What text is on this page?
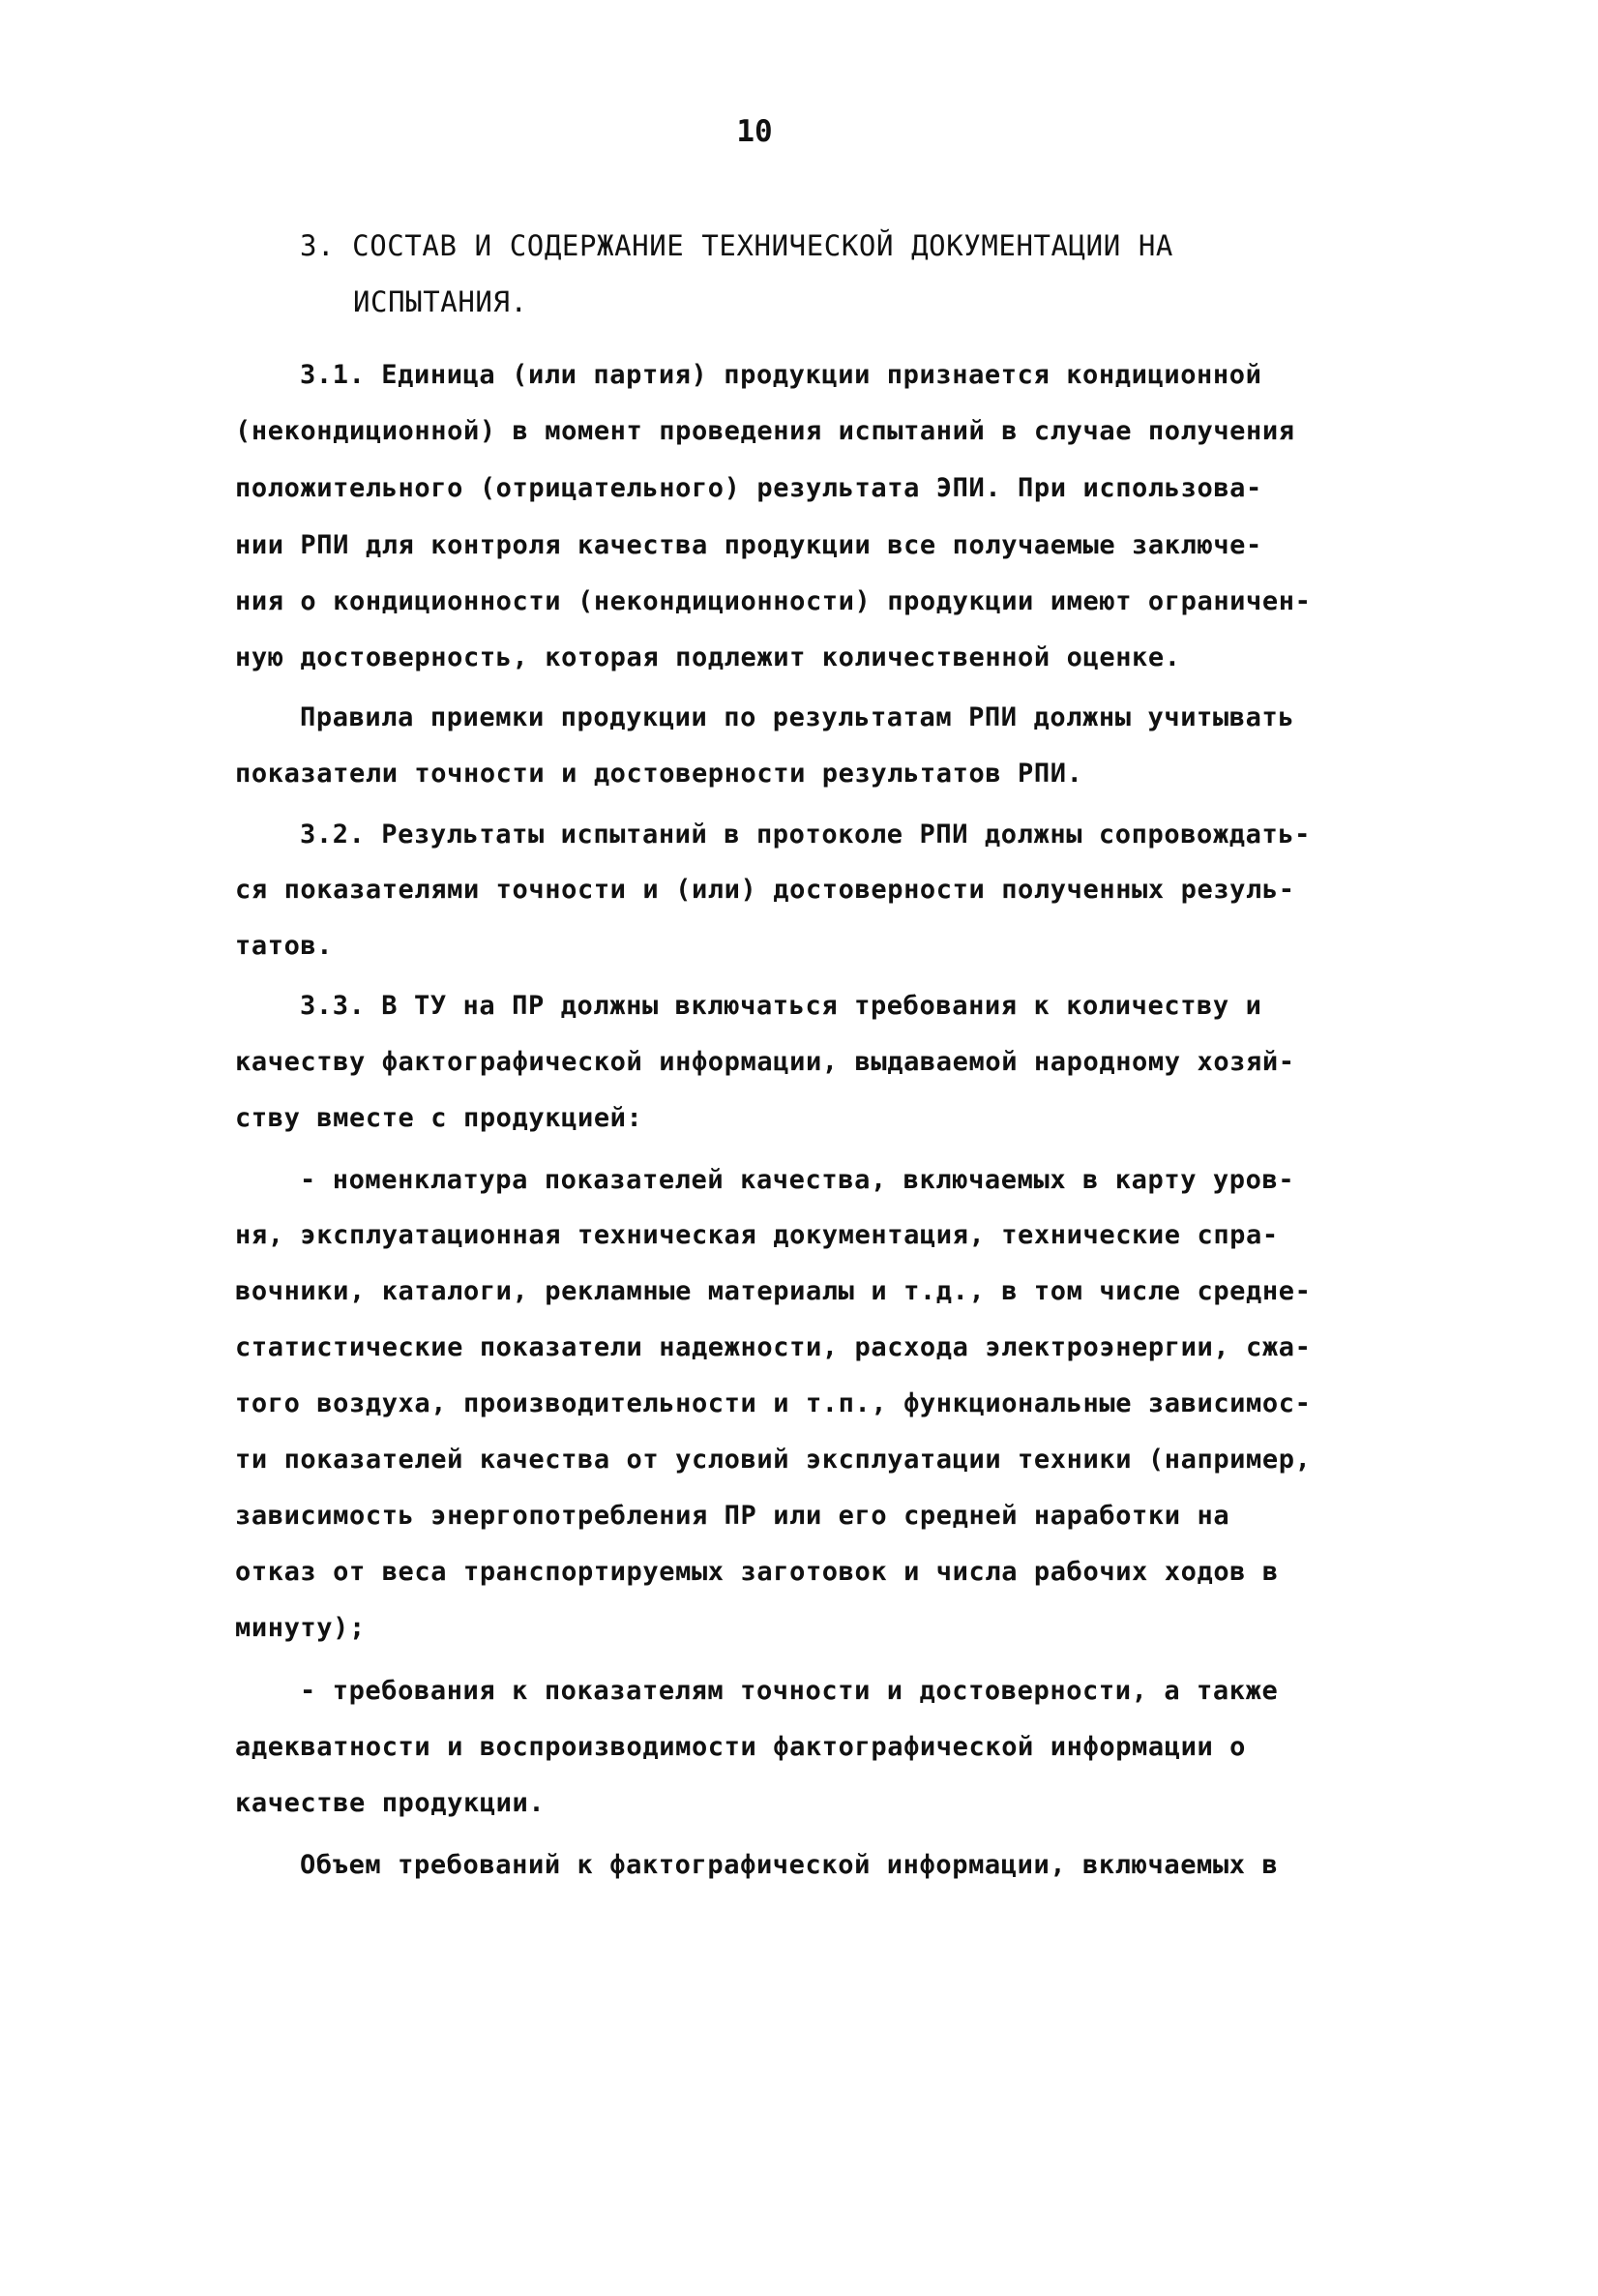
10
3. СОСТАВ И СОДЕРЖАНИЕ ТЕХНИЧЕСКОЙ ДОКУМЕНТАЦИИ НА
ИСПЫТАНИЯ.
3.1. Единица (или партия) продукции признается кондиционной
(некондиционной) в момент проведения испытаний в случае получения
положительного (отрицательного) результата ЭПИ. При использова-
нии РПИ для контроля качества продукции все получаемые заключе-
ния о кондиционности (некондиционности) продукции имеют ограничен-
ную достоверность, которая подлежит количественной оценке.
Правила приемки продукции по результатам РПИ должны учитывать
показатели точности и достоверности результатов РПИ.
3.2. Результаты испытаний в протоколе РПИ должны сопровождать-
ся показателями точности и (или) достоверности полученных резуль-
татов.
3.3. В ТУ на ПР должны включаться требования к количеству и
качеству фактографической информации, выдаваемой народному хозяй-
ству вместе с продукцией:
- номенклатура показателей качества, включаемых в карту уров-
ня, эксплуатационная техническая документация, технические спра-
вочники, каталоги, рекламные материалы и т.д., в том числе средне-
статистические показатели надежности, расхода электроэнергии, сжа-
того воздуха, производительности и т.п., функциональные зависимос-
ти показателей качества от условий эксплуатации техники (например,
зависимость энергопотребления ПР или его средней наработки на
отказ от веса транспортируемых заготовок и числа рабочих ходов в
минуту);
- требования к показателям точности и достоверности, а также
адекватности и воспроизводимости фактографической информации о
качестве продукции.
Объем требований к фактографической информации, включаемых в
